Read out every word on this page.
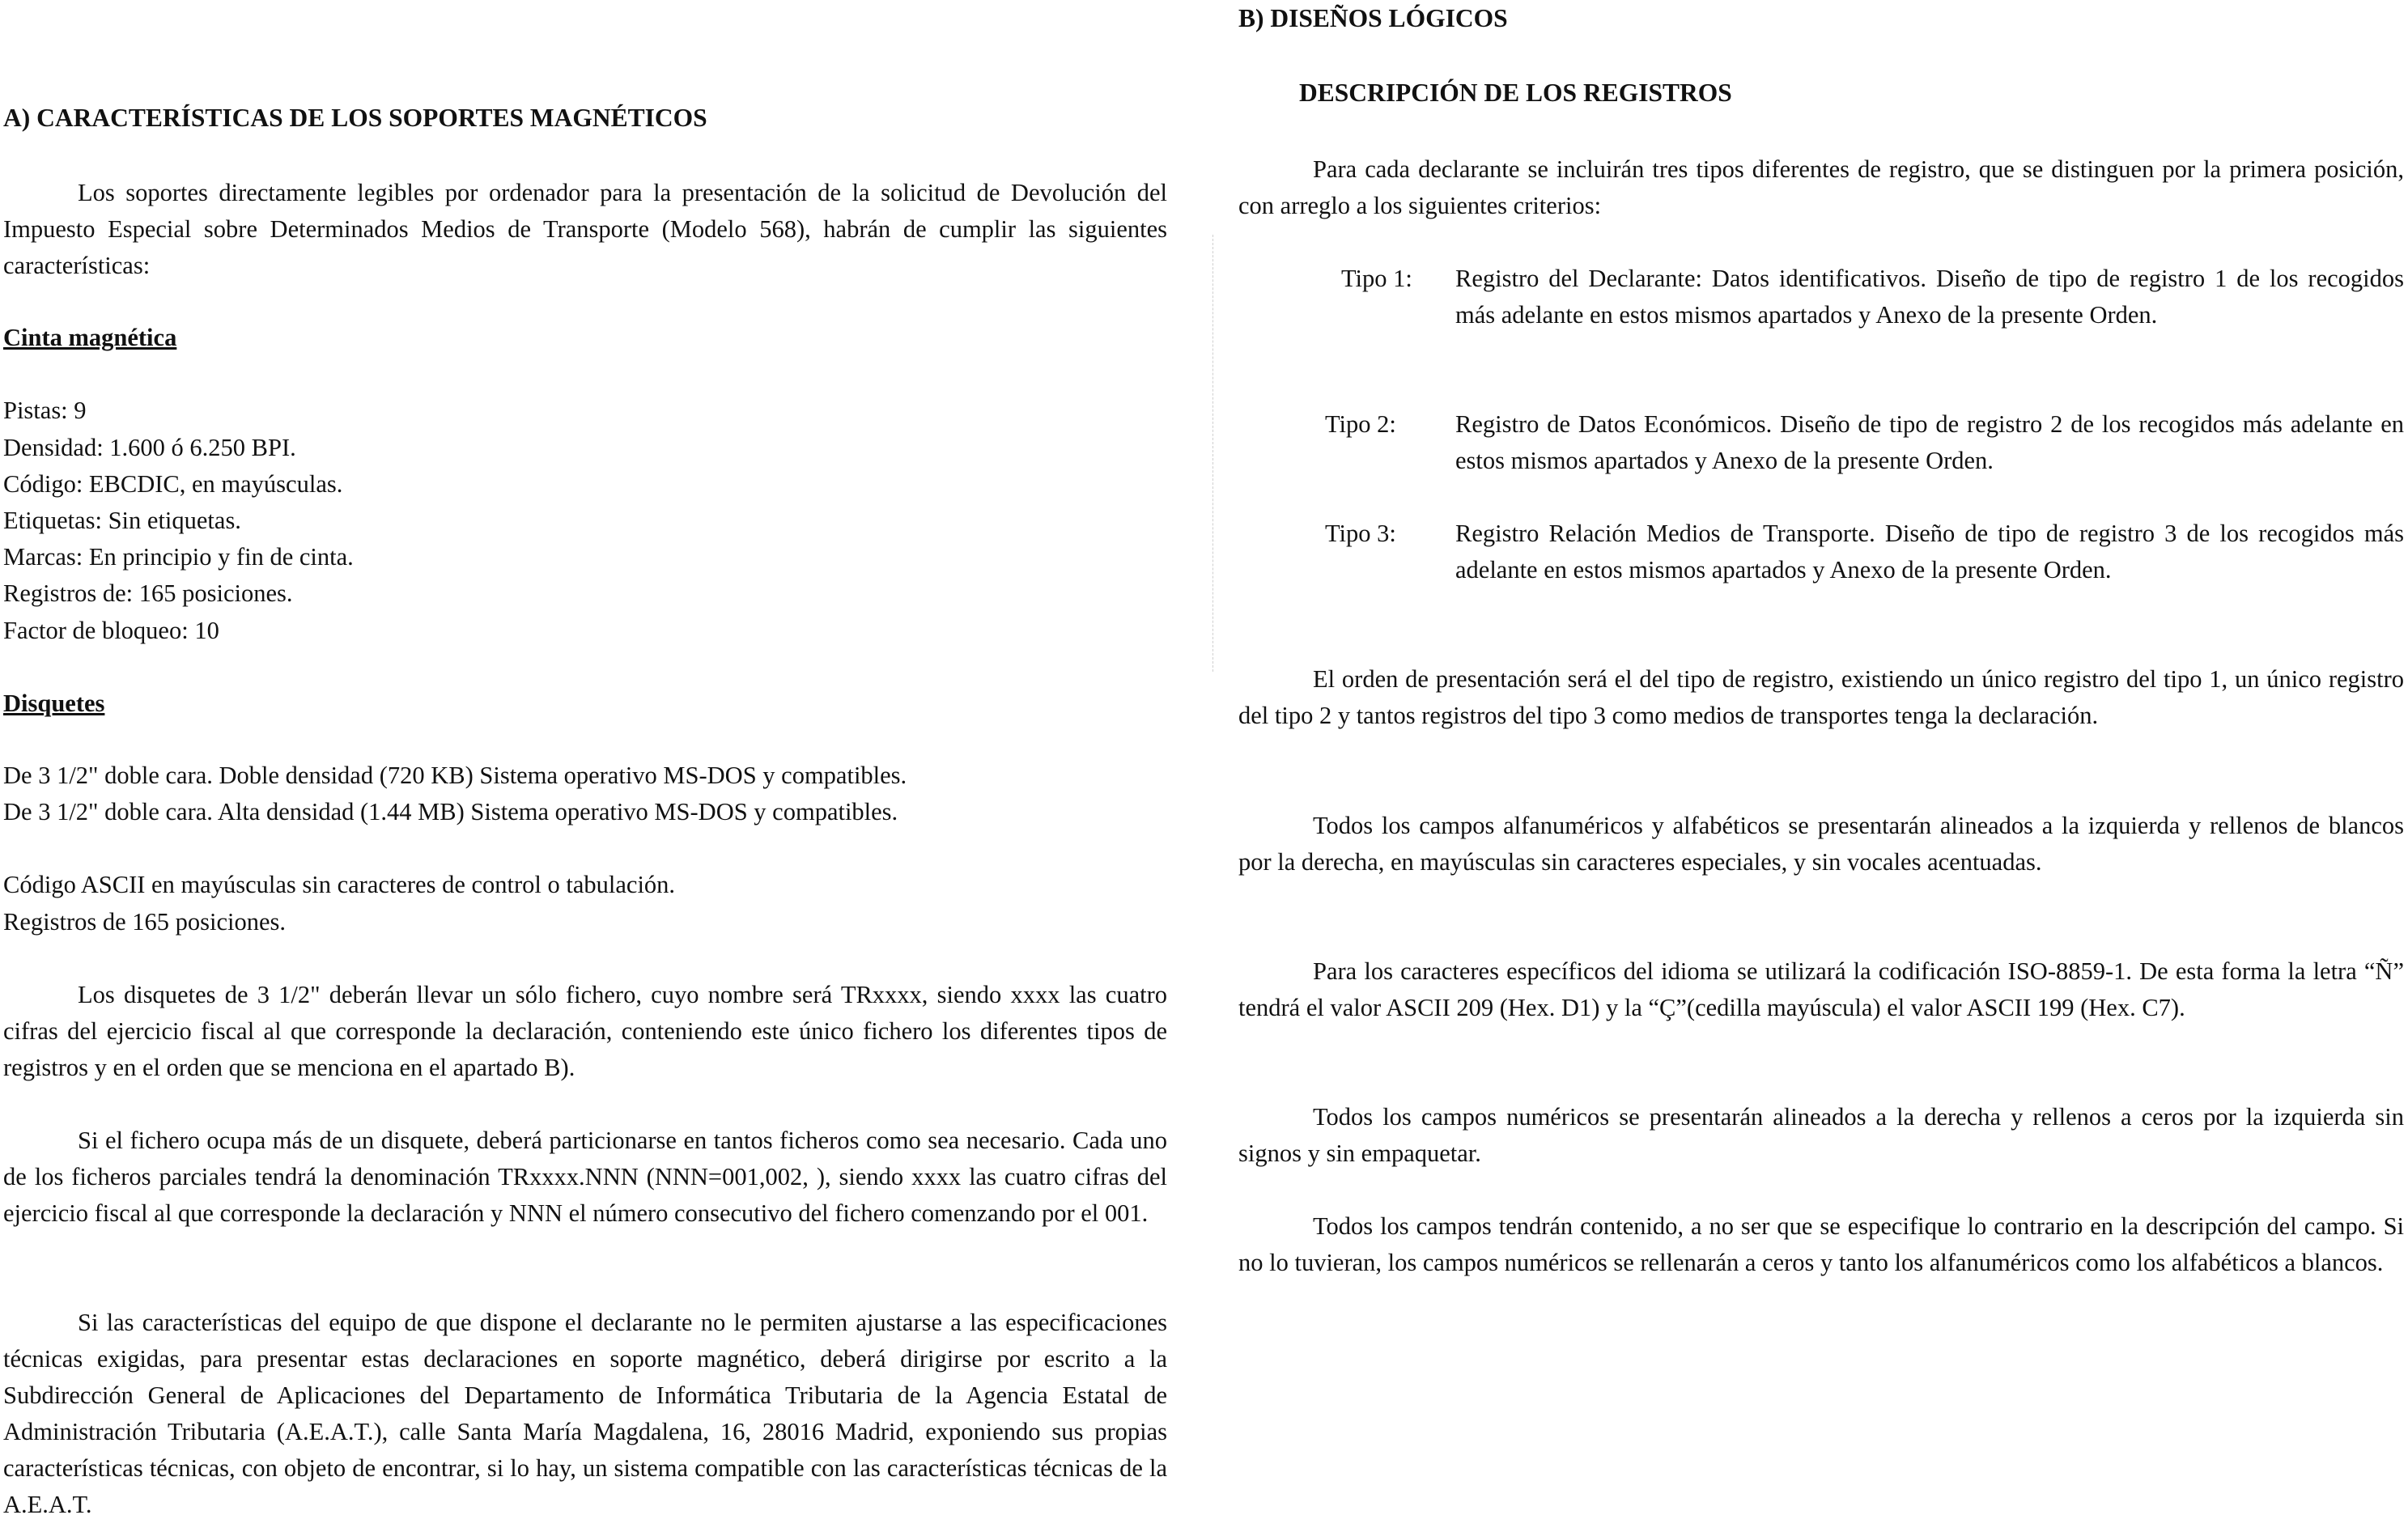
A) CARACTERÍSTICAS DE LOS SOPORTES MAGNÉTICOS

Los soportes directamente legibles por ordenador para la presentación de la solicitud de Devolución del Impuesto Especial sobre Determinados Medios de Transporte (Modelo 568), habrán de cumplir las siguientes características:

Cinta magnética

Pistas: 9

Densidad: 1.600 ó 6.250 BPI.

Código: EBCDIC, en mayúsculas.

Etiquetas: Sin etiquetas.

Marcas: En principio y fin de cinta.

Registros de: 165 posiciones.

Factor de bloqueo: 10

Disquetes

De 3 1/2" doble cara. Doble densidad (720 KB) Sistema operativo MS-DOS y compatibles.

De 3 1/2" doble cara. Alta densidad (1.44 MB) Sistema operativo MS-DOS y compatibles.

Código ASCII en mayúsculas sin caracteres de control o tabulación.

Registros de 165 posiciones.

Los disquetes de 3 1/2" deberán llevar un sólo fichero, cuyo nombre será TRxxxx, siendo xxxx las cuatro cifras del ejercicio fiscal al que corresponde la declaración, conteniendo este único fichero los diferentes tipos de registros y en el orden que se menciona en el apartado B).

Si el fichero ocupa más de un disquete, deberá particionarse en tantos ficheros como sea necesario. Cada uno de los ficheros parciales tendrá la denominación TRxxxx.NNN (NNN=001,002, ), siendo xxxx las cuatro cifras del ejercicio fiscal al que corresponde la declaración y NNN el número consecutivo del fichero comenzando por el 001.

Si las características del equipo de que dispone el declarante no le permiten ajustarse a las especificaciones técnicas exigidas, para presentar estas declaraciones en soporte magnético, deberá dirigirse por escrito a la Subdirección General de Aplicaciones del Departamento de Informática Tributaria de la Agencia Estatal de Administración Tributaria (A.E.A.T.), calle Santa María Magdalena, 16, 28016 Madrid, exponiendo sus propias características técnicas, con objeto de encontrar, si lo hay, un sistema compatible con las características técnicas de la A.E.A.T.

B) DISEÑOS LÓGICOS
DESCRIPCIÓN DE LOS REGISTROS

Para cada declarante se incluirán tres tipos diferentes de registro, que se distinguen por la primera posición, con arreglo a los siguientes criterios:

Tipo 1: Registro del Declarante: Datos identificativos. Diseño de tipo de registro 1 de los recogidos más adelante en estos mismos apartados y Anexo de la presente Orden.

Tipo 2: Registro de Datos Económicos. Diseño de tipo de registro 2 de los recogidos más adelante en estos mismos apartados y Anexo de la presente Orden.

Tipo 3: Registro Relación Medios de Transporte. Diseño de tipo de registro 3 de los recogidos más adelante en estos mismos apartados y Anexo de la presente Orden.

El orden de presentación será el del tipo de registro, existiendo un único registro del tipo 1, un único registro del tipo 2 y tantos registros del tipo 3 como medios de transportes tenga la declaración.

Todos los campos alfanuméricos y alfabéticos se presentarán alineados a la izquierda y rellenos de blancos por la derecha, en mayúsculas sin caracteres especiales, y sin vocales acentuadas.

Para los caracteres específicos del idioma se utilizará la codificación ISO-8859-1. De esta forma la letra “Ñ” tendrá el valor ASCII 209 (Hex. D1) y la “Ç”(cedilla mayúscula) el valor ASCII 199 (Hex. C7).

Todos los campos numéricos se presentarán alineados a la derecha y rellenos a ceros por la izquierda sin signos y sin empaquetar.

Todos los campos tendrán contenido, a no ser que se especifique lo contrario en la descripción del campo. Si no lo tuvieran, los campos numéricos se rellenarán a ceros y tanto los alfanuméricos como los alfabéticos a blancos.
